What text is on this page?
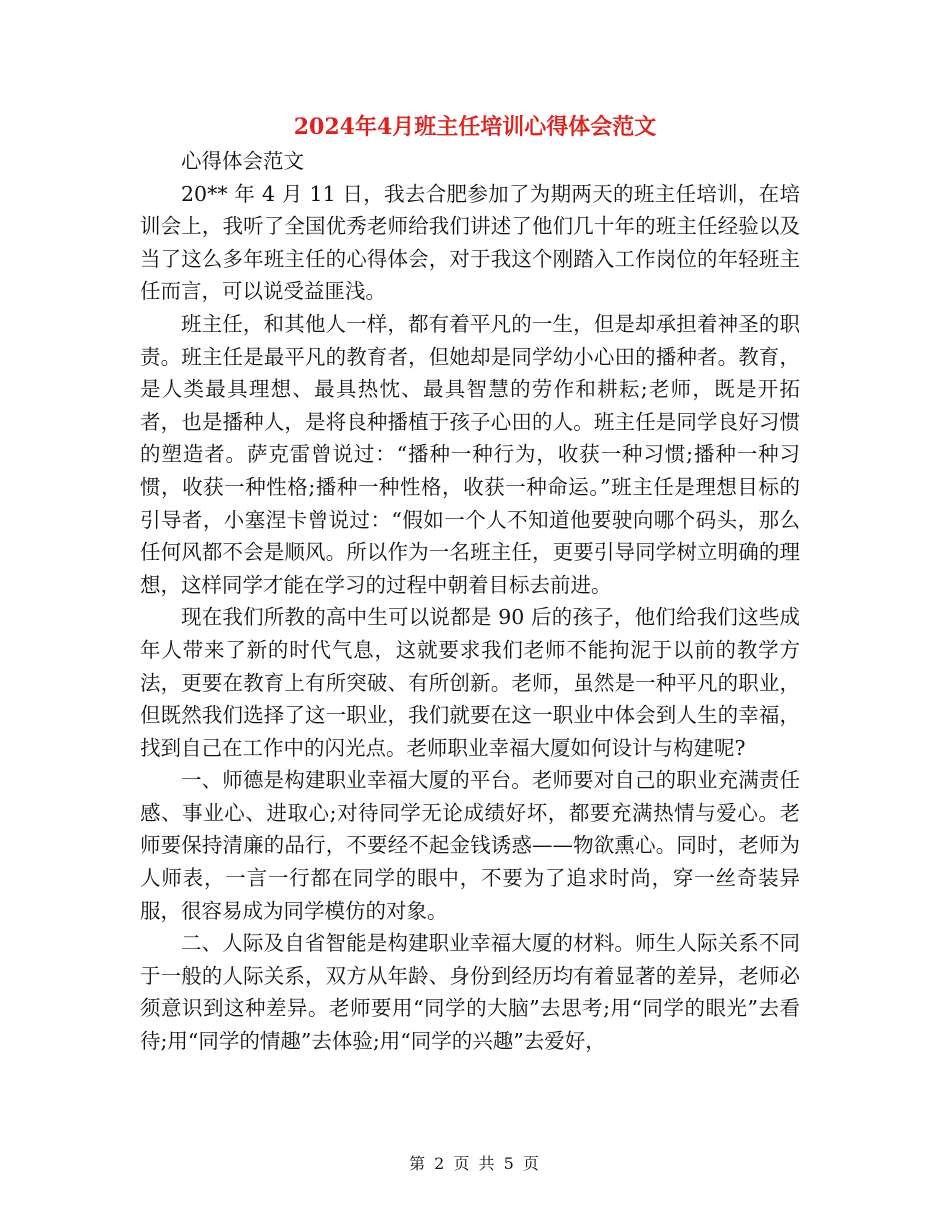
2024年4月班主任培训心得体会范文

心得体会范文

20** 年 4 月 11 日，我去合肥参加了为期两天的班主任培训，在培训会上，我听了全国优秀老师给我们讲述了他们几十年的班主任经验以及当了这么多年班主任的心得体会，对于我这个刚踏入工作岗位的年轻班主任而言，可以说受益匪浅。

班主任，和其他人一样，都有着平凡的一生，但是却承担着神圣的职责。班主任是最平凡的教育者，但她却是同学幼小心田的播种者。教育，是人类最具理想、最具热忱、最具智慧的劳作和耕耘;老师，既是开拓者，也是播种人，是将良种播植于孩子心田的人。班主任是同学良好习惯的塑造者。萨克雷曾说过：“播种一种行为，收获一种习惯;播种一种习惯，收获一种性格;播种一种性格，收获一种命运。”班主任是理想目标的引导者，小塞涅卡曾说过：“假如一个人不知道他要驶向哪个码头，那么任何风都不会是顺风。所以作为一名班主任，更要引导同学树立明确的理想，这样同学才能在学习的过程中朝着目标去前进。

现在我们所教的高中生可以说都是 90 后的孩子，他们给我们这些成年人带来了新的时代气息，这就要求我们老师不能拘泥于以前的教学方法，更要在教育上有所突破、有所创新。老师，虽然是一种平凡的职业，但既然我们选择了这一职业，我们就要在这一职业中体会到人生的幸福，找到自己在工作中的闪光点。老师职业幸福大厦如何设计与构建呢?

一、师德是构建职业幸福大厦的平台。老师要对自己的职业充满责任感、事业心、进取心;对待同学无论成绩好坏，都要充满热情与爱心。老师要保持清廉的品行，不要经不起金钱诱惑——物欲熏心。同时，老师为人师表，一言一行都在同学的眼中，不要为了追求时尚，穿一丝奇装异服，很容易成为同学模仿的对象。

二、人际及自省智能是构建职业幸福大厦的材料。师生人际关系不同于一般的人际关系，双方从年龄、身份到经历均有着显著的差异，老师必须意识到这种差异。老师要用“同学的大脑”去思考;用“同学的眼光”去看待;用“同学的情趣”去体验;用“同学的兴趣”去爱好，

第 2 页 共 5 页
